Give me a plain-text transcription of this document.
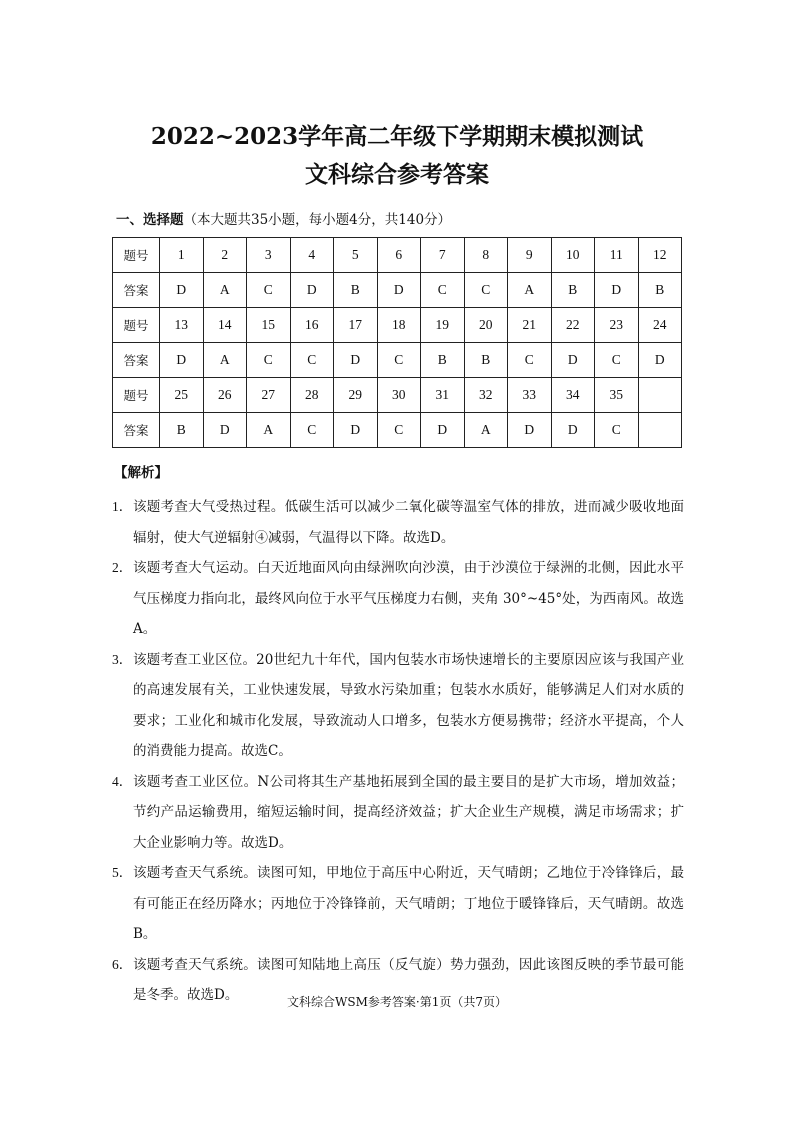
2022~2023学年高二年级下学期期末模拟测试
文科综合参考答案
一、选择题（本大题共35小题，每小题4分，共140分）
题号	1	2	3	4	5	6	7	8	9	10	11	12
答案	D	A	C	D	B	D	C	C	A	B	D	B
题号	13	14	15	16	17	18	19	20	21	22	23	24
答案	D	A	C	C	D	C	B	B	C	D	C	D
题号	25	26	27	28	29	30	31	32	33	34	35	
答案	B	D	A	C	D	C	D	A	D	D	C	
【解析】
1． 该题考查大气受热过程。低碳生活可以减少二氧化碳等温室气体的排放，进而减少吸收地面辐射，使大气逆辐射④减弱，气温得以下降。故选D。
2． 该题考查大气运动。白天近地面风向由绿洲吹向沙漠，由于沙漠位于绿洲的北侧，因此水平气压梯度力指向北，最终风向位于水平气压梯度力右侧，夹角 30°~45°处，为西南风。故选A。
3． 该题考查工业区位。20世纪九十年代，国内包装水市场快速增长的主要原因应该与我国产业的高速发展有关，工业快速发展，导致水污染加重；包装水水质好，能够满足人们对水质的要求；工业化和城市化发展，导致流动人口增多，包装水方便易携带；经济水平提高，个人的消费能力提高。故选C。
4． 该题考查工业区位。N公司将其生产基地拓展到全国的最主要目的是扩大市场，增加效益；节约产品运输费用，缩短运输时间，提高经济效益；扩大企业生产规模，满足市场需求；扩大企业影响力等。故选D。
5． 该题考查天气系统。读图可知，甲地位于高压中心附近，天气晴朗；乙地位于冷锋锋后，最有可能正在经历降水；丙地位于冷锋锋前，天气晴朗；丁地位于暖锋锋后，天气晴朗。故选B。
6． 该题考查天气系统。读图可知陆地上高压（反气旋）势力强劲，因此该图反映的季节最可能是冬季。故选D。	文科综合WSM参考答案·第1页（共7页）
